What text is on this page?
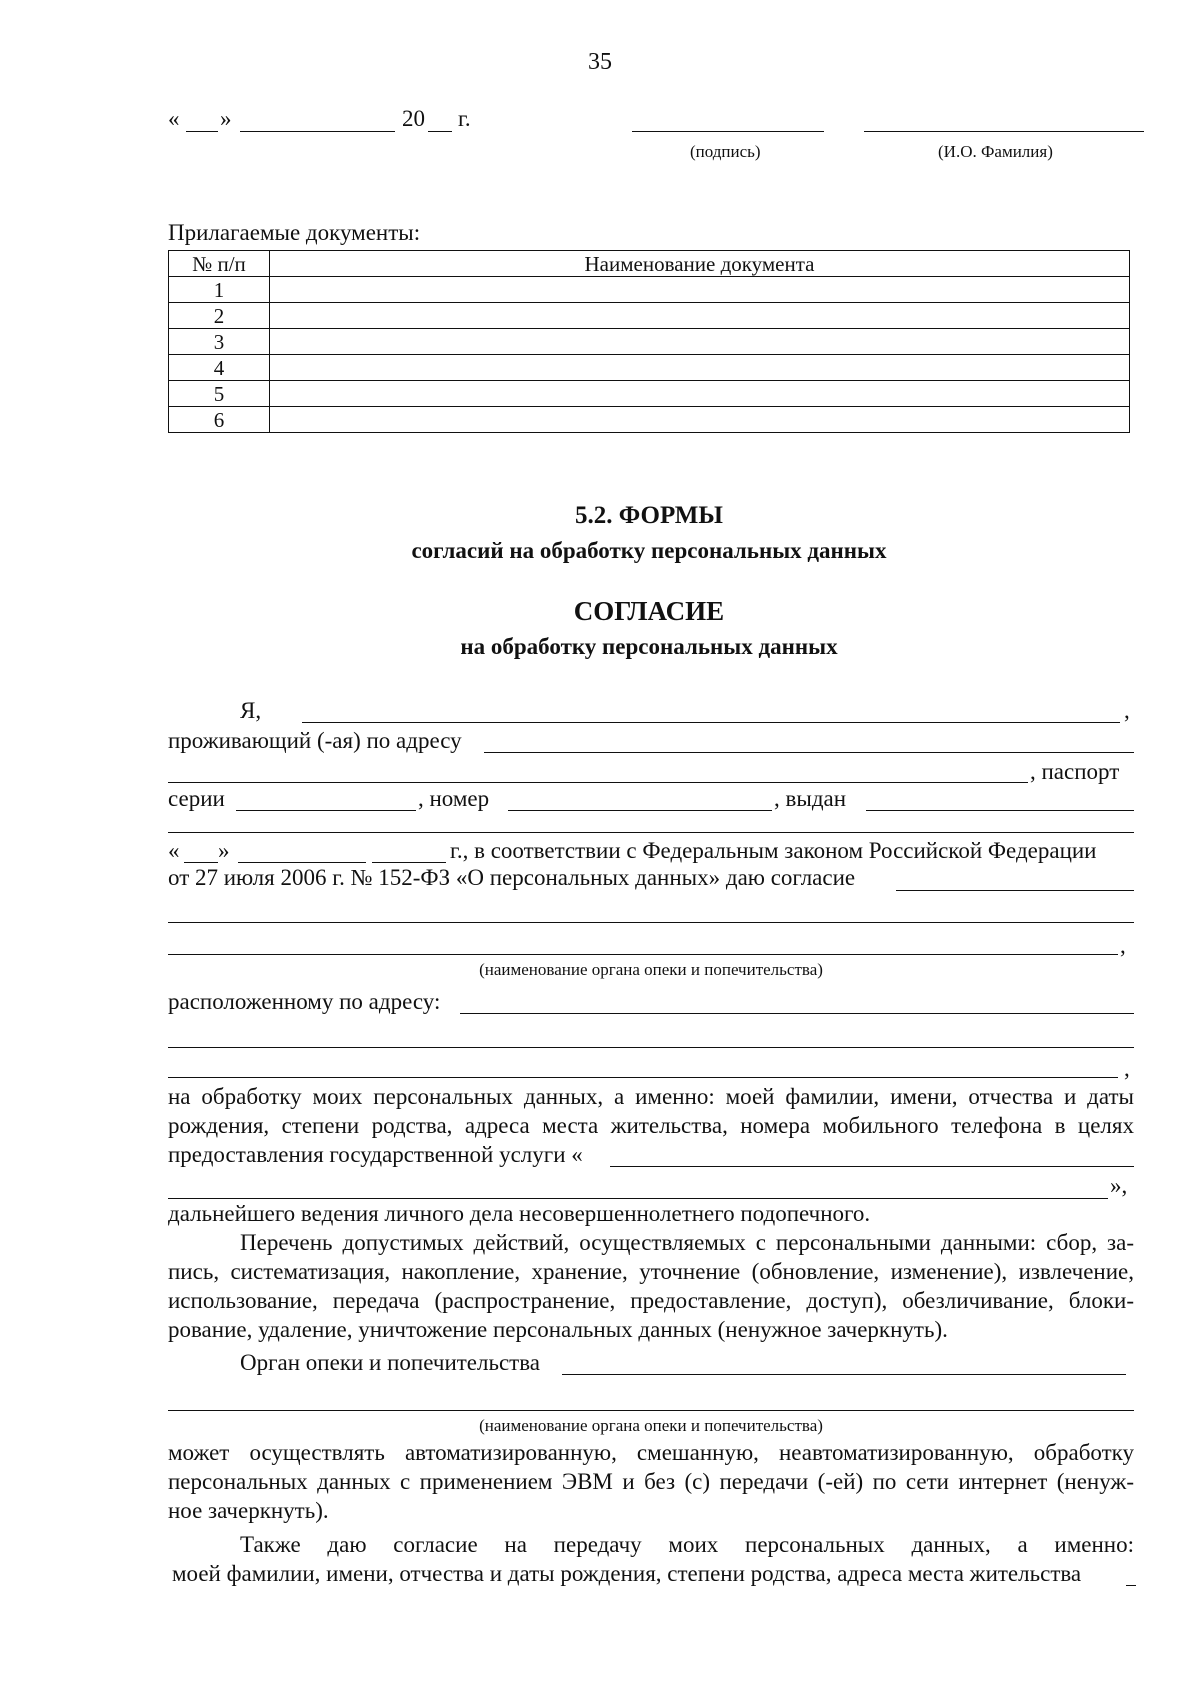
35
« »	20 г.
(подпись)	(И.О. Фамилия)
Прилагаемые документы:
№ п/п	Наименование документа
1	
2	
3	
4	
5	
6	
5.2. ФОРМЫ
согласий на обработку персональных данных
СОГЛАСИЕ
на обработку персональных данных
Я,	,
проживающий (-ая) по адресу
, паспорт
серии	, номер	, выдан
« »	г., в соответствии с Федеральным законом Российской Федерации
от 27 июля 2006 г. № 152-ФЗ «О персональных данных» даю согласие
,
(наименование органа опеки и попечительства)
расположенному по адресу:
,
на обработку моих персональных данных, а именно: моей фамилии, имени, отчества и даты
рождения, степени родства, адреса места жительства, номера мобильного телефона в целях
предоставления государственной услуги «
»,
дальнейшего ведения личного дела несовершеннолетнего подопечного.
Перечень допустимых действий, осуществляемых с персональными данными: сбор, за-
пись, систематизация, накопление, хранение, уточнение (обновление, изменение), извлечение,
использование, передача (распространение, предоставление, доступ), обезличивание, блоки-
рование, удаление, уничтожение персональных данных (ненужное зачеркнуть).
Орган опеки и попечительства
(наименование органа опеки и попечительства)
может осуществлять автоматизированную, смешанную, неавтоматизированную, обработку
персональных данных с применением ЭВМ и без (с) передачи (-ей) по сети интернет (ненуж-
ное зачеркнуть).
Также даю согласие на передачу моих персональных данных, а именно:
моей фамилии, имени, отчества и даты рождения, степени родства, адреса места жительства
